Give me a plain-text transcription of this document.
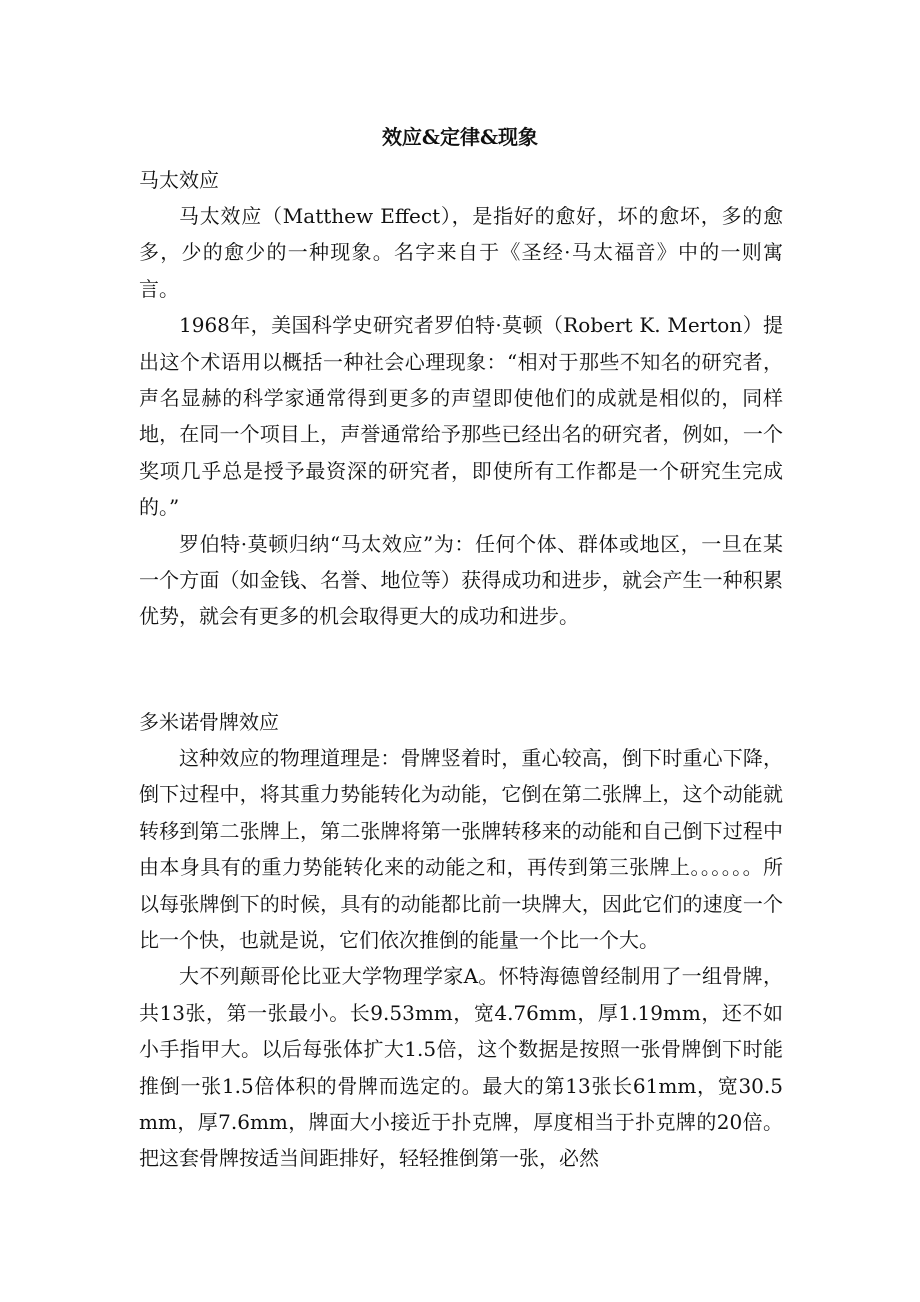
效应&定律&现象
马太效应

马太效应（Matthew Effect），是指好的愈好，坏的愈坏，多的愈多，少的愈少的一种现象。名字来自于《圣经·马太福音》中的一则寓言。

1968年，美国科学史研究者罗伯特·莫顿（Robert K. Merton）提出这个术语用以概括一种社会心理现象：“相对于那些不知名的研究者，声名显赫的科学家通常得到更多的声望即使他们的成就是相似的，同样地，在同一个项目上，声誉通常给予那些已经出名的研究者，例如，一个奖项几乎总是授予最资深的研究者，即使所有工作都是一个研究生完成的。”

罗伯特·莫顿归纳“马太效应”为：任何个体、群体或地区，一旦在某一个方面（如金钱、名誉、地位等）获得成功和进步，就会产生一种积累优势，就会有更多的机会取得更大的成功和进步。

多米诺骨牌效应

这种效应的物理道理是：骨牌竖着时，重心较高，倒下时重心下降，倒下过程中，将其重力势能转化为动能，它倒在第二张牌上，这个动能就转移到第二张牌上，第二张牌将第一张牌转移来的动能和自己倒下过程中由本身具有的重力势能转化来的动能之和，再传到第三张牌上。。。。。。所以每张牌倒下的时候，具有的动能都比前一块牌大，因此它们的速度一个比一个快，也就是说，它们依次推倒的能量一个比一个大。

大不列颠哥伦比亚大学物理学家A。怀特海德曾经制用了一组骨牌，共13张，第一张最小。长9.53mm，宽4.76mm，厚1.19mm，还不如小手指甲大。以后每张体扩大1.5倍，这个数据是按照一张骨牌倒下时能推倒一张1.5倍体积的骨牌而选定的。最大的第13张长61mm，宽30.5mm，厚7.6mm，牌面大小接近于扑克牌，厚度相当于扑克牌的20倍。把这套骨牌按适当间距排好，轻轻推倒第一张，必然
